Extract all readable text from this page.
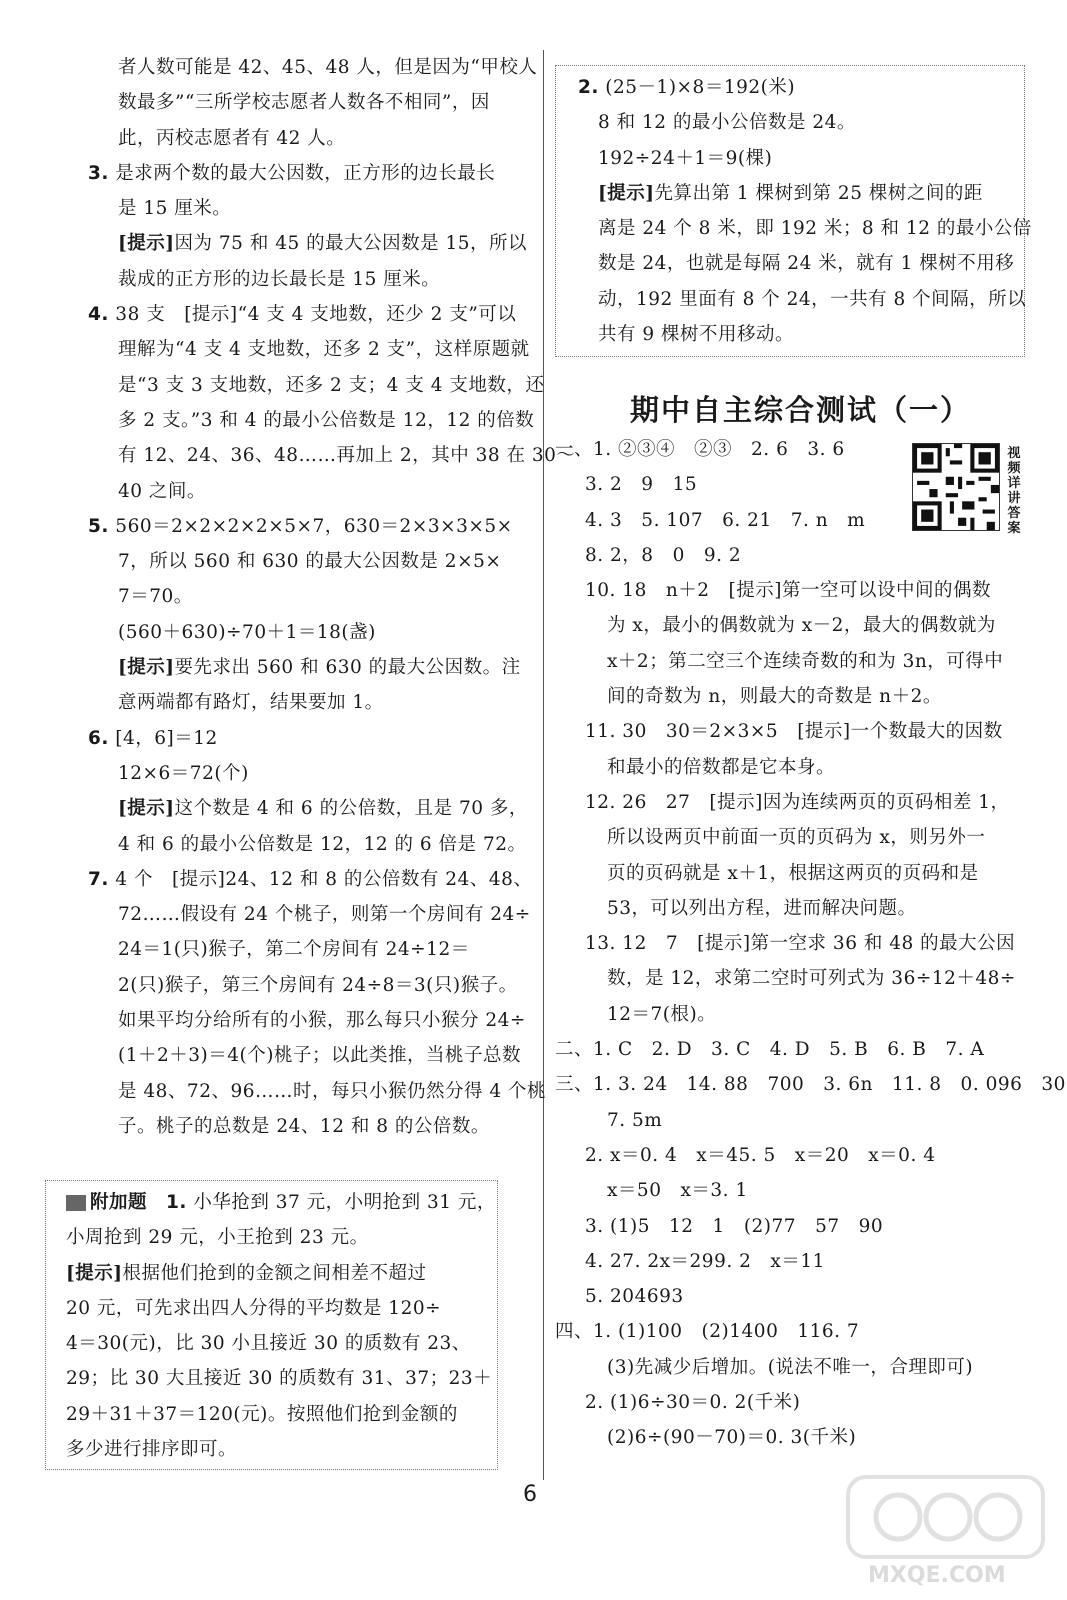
者人数可能是 42、45、48 人，但是因为“甲校人
数最多”“三所学校志愿者人数各不相同”，因
此，丙校志愿者有 42 人。
3. 是求两个数的最大公因数，正方形的边长最长
是 15 厘米。
[提示]因为 75 和 45 的最大公因数是 15，所以
裁成的正方形的边长最长是 15 厘米。
4. 38 支　[提示]“4 支 4 支地数，还少 2 支”可以
理解为“4 支 4 支地数，还多 2 支”，这样原题就
是“3 支 3 支地数，还多 2 支；4 支 4 支地数，还
多 2 支。”3 和 4 的最小公倍数是 12，12 的倍数
有 12、24、36、48……再加上 2，其中 38 在 30～
40 之间。
5. 560＝2×2×2×2×5×7，630＝2×3×3×5×
7，所以 560 和 630 的最大公因数是 2×5×
7＝70。
(560＋630)÷70＋1＝18(盏)
[提示]要先求出 560 和 630 的最大公因数。注
意两端都有路灯，结果要加 1。
6. [4，6]＝12
12×6＝72(个)
[提示]这个数是 4 和 6 的公倍数，且是 70 多，
4 和 6 的最小公倍数是 12，12 的 6 倍是 72。
7. 4 个　[提示]24、12 和 8 的公倍数有 24、48、
72……假设有 24 个桃子，则第一个房间有 24÷
24＝1(只)猴子，第二个房间有 24÷12＝
2(只)猴子，第三个房间有 24÷8＝3(只)猴子。
如果平均分给所有的小猴，那么每只小猴分 24÷
(1＋2＋3)＝4(个)桃子；以此类推，当桃子总数
是 48、72、96……时，每只小猴仍然分得 4 个桃
子。桃子的总数是 24、12 和 8 的公倍数。
附加题　 1. 小华抢到 37 元，小明抢到 31 元，
小周抢到 29 元，小王抢到 23 元。
[提示]根据他们抢到的金额之间相差不超过
20 元，可先求出四人分得的平均数是 120÷
4＝30(元)，比 30 小且接近 30 的质数有 23、
29；比 30 大且接近 30 的质数有 31、37；23＋
29＋31＋37＝120(元)。按照他们抢到金额的
多少进行排序即可。
2. (25－1)×8＝192(米)
8 和 12 的最小公倍数是 24。
192÷24＋1＝9(棵)
[提示]先算出第 1 棵树到第 25 棵树之间的距
离是 24 个 8 米，即 192 米；8 和 12 的最小公倍
数是 24，也就是每隔 24 米，就有 1 棵树不用移
动，192 里面有 8 个 24，一共有 8 个间隔，所以
共有 9 棵树不用移动。
期中自主综合测试（一）
视频详讲答案
一、1. ②③④　②③　2. 6　3. 6
3. 2　9　15
4. 3　5. 107　6. 21　7. n　m
8. 2，8　0　9. 2
10. 18　n＋2　[提示]第一空可以设中间的偶数
为 x，最小的偶数就为 x－2，最大的偶数就为
x＋2；第二空三个连续奇数的和为 3n，可得中
间的奇数为 n，则最大的奇数是 n＋2。
11. 30　30＝2×3×5　[提示]一个数最大的因数
和最小的倍数都是它本身。
12. 26　27　[提示]因为连续两页的页码相差 1，
所以设两页中前面一页的页码为 x，则另外一
页的页码就是 x＋1，根据这两页的页码和是
53，可以列出方程，进而解决问题。
13. 12　7　[提示]第一空求 36 和 48 的最大公因
数，是 12，求第二空时可列式为 36÷12＋48÷
12＝7(根)。
二、1. C　2. D　3. C　4. D　5. B　6. B　7. A
三、1. 3. 24　14. 88　700　3. 6n　11. 8　0. 096　30
7. 5m
2. x＝0. 4　x＝45. 5　x＝20　x＝0. 4
x＝50　x＝3. 1
3. (1)5　12　1　(2)77　57　90
4. 27. 2x＝299. 2　x＝11
5. 204693
四、1. (1)100　(2)1400　116. 7
(3)先减少后增加。(说法不唯一，合理即可)
2. (1)6÷30＝0. 2(千米)
(2)6÷(90－70)＝0. 3(千米)
6
MXQE.COM
